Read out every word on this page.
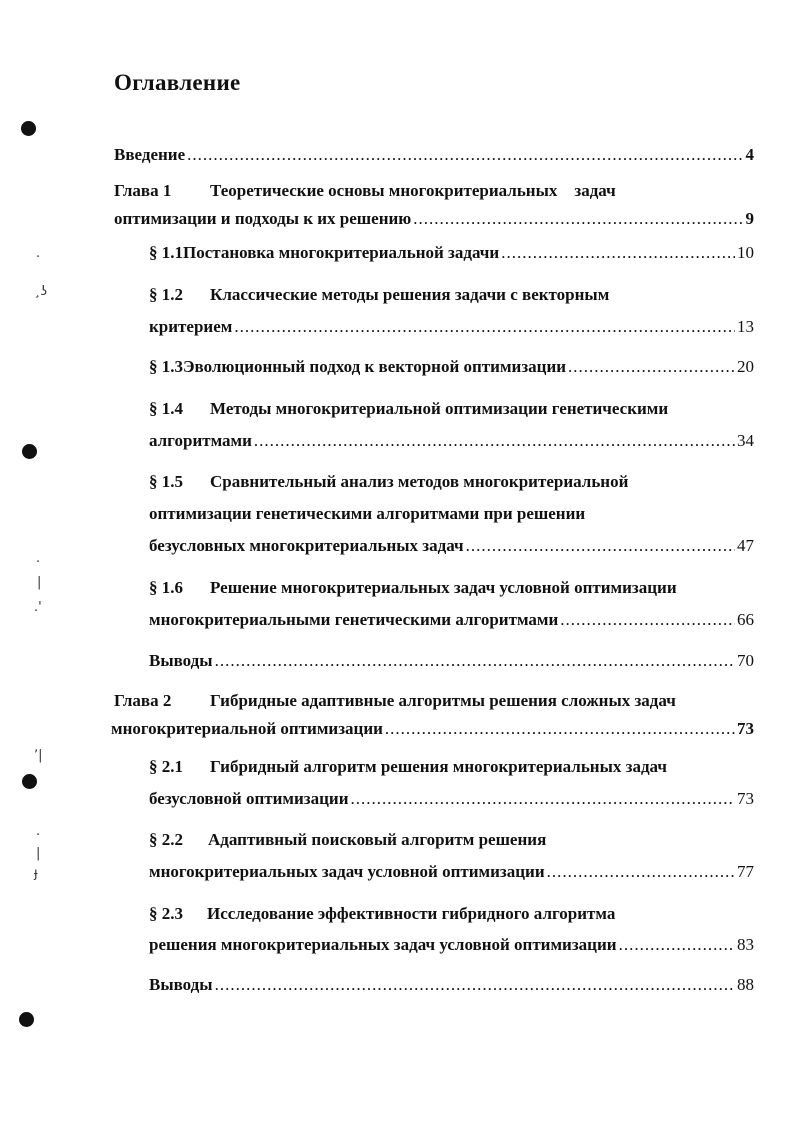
Оглавление
Введение .....	4
Глава 1 Теоретические основы многокритериальных    задач
оптимизации и подходы к их решению .....	9
§ 1.1 Постановка многокритериальной задачи .....	10
§ 1.2 Классические методы решения задачи с векторным
критерием .....	13
§ 1.3 Эволюционный подход к векторной оптимизации .....	20
§ 1.4 Методы многокритериальной оптимизации генетическими
алгоритмами .....	34
§ 1.5 Сравнительный анализ методов многокритериальной
оптимизации генетическими алгоритмами при решении
безусловных многокритериальных задач .....	47
§ 1.6 Решение многокритериальных задач условной оптимизации
многокритериальными генетическими алгоритмами .....	66
Выводы .....	70
Глава 2 Гибридные адаптивные алгоритмы решения сложных задач
многокритериальной оптимизации .....	73
§ 2.1 Гибридный алгоритм решения многокритериальных задач
безусловной оптимизации .....	73
§ 2.2 Адаптивный поисковый алгоритм решения
многокритериальных задач условной оптимизации .....	77
§ 2.3 Исследование эффективности гибридного алгоритма
решения многокритериальных задач условной оптимизации .....	83
Выводы .....	88
·
¸ʖ
·
|
.'
ʼ|
·
|
ɟ
